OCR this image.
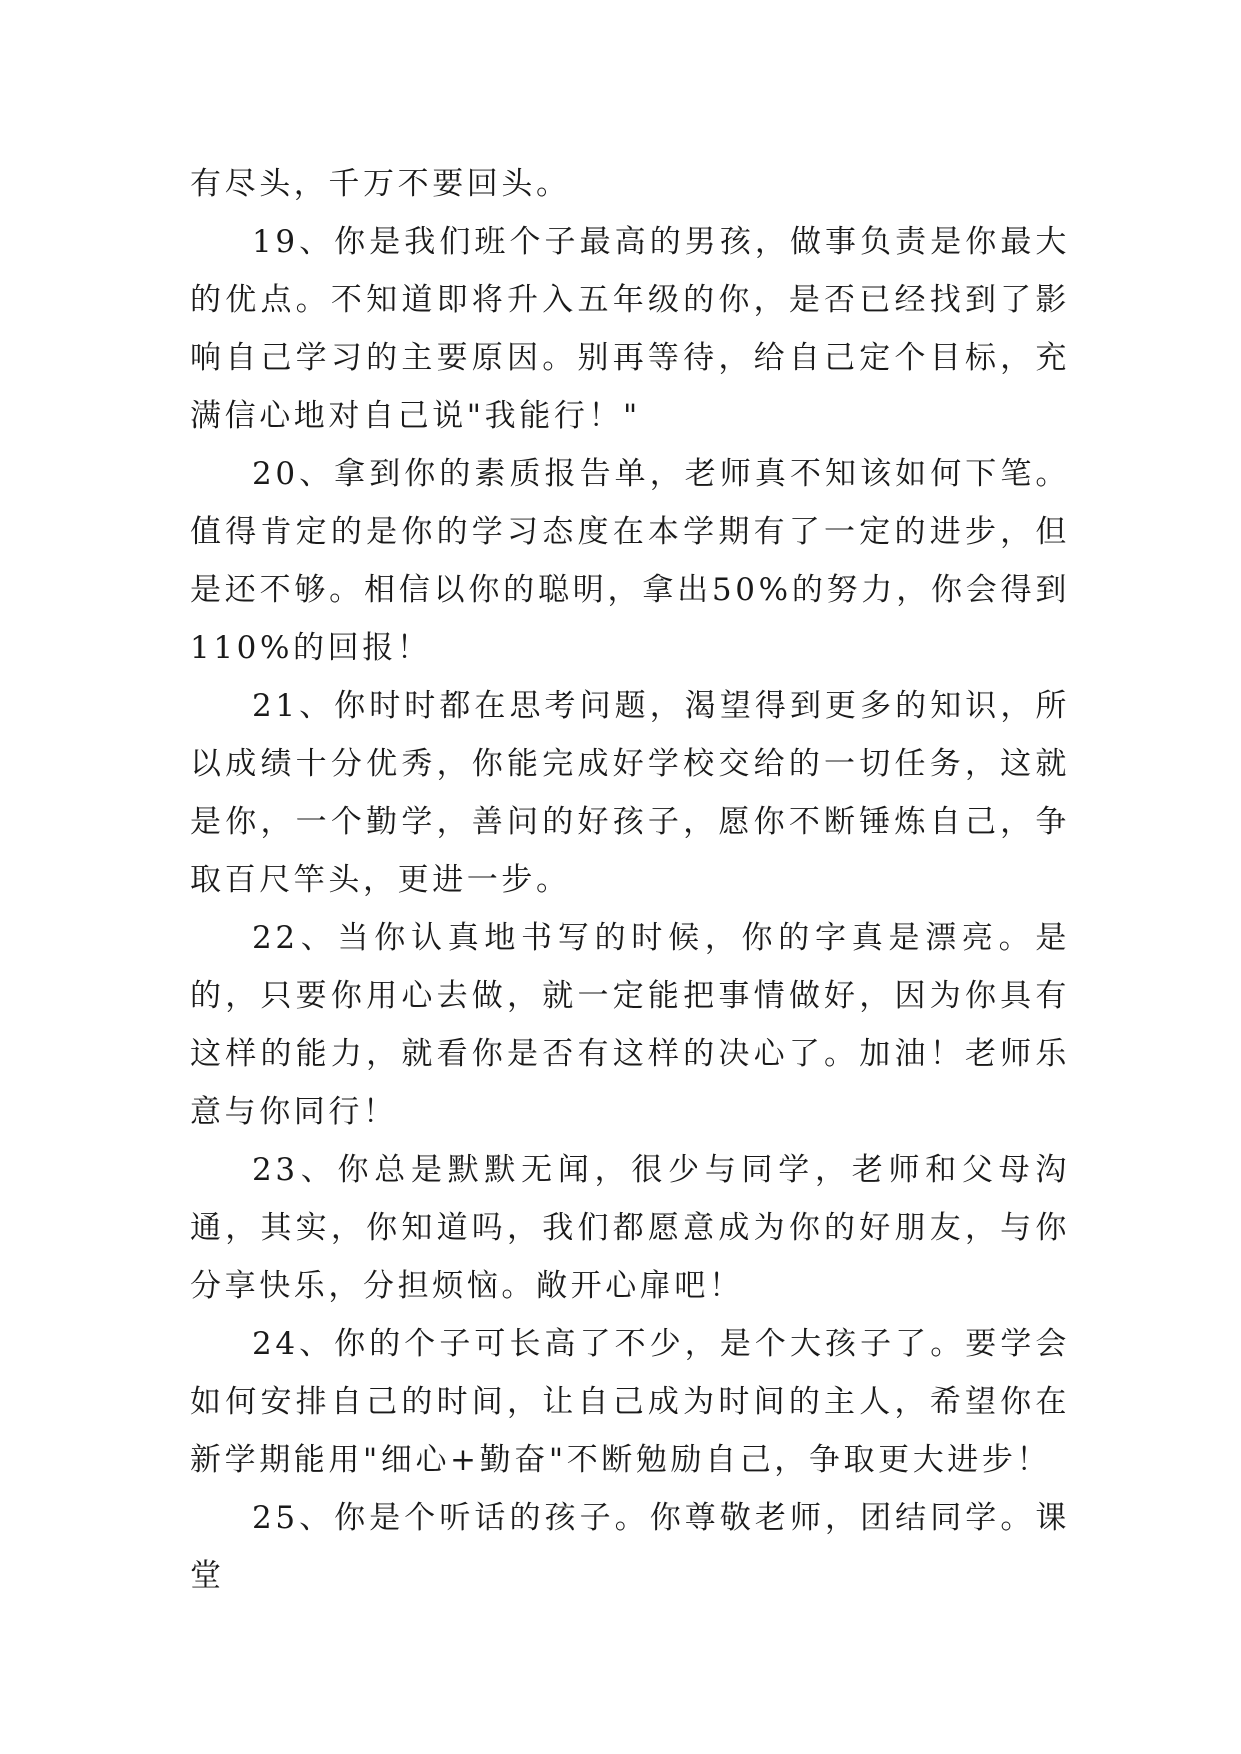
有尽头，千万不要回头。

19、你是我们班个子最高的男孩，做事负责是你最大的优点。不知道即将升入五年级的你，是否已经找到了影响自己学习的主要原因。别再等待，给自己定个目标，充满信心地对自己说"我能行！"

20、拿到你的素质报告单，老师真不知该如何下笔。值得肯定的是你的学习态度在本学期有了一定的进步，但是还不够。相信以你的聪明，拿出50%的努力，你会得到110%的回报！

21、你时时都在思考问题，渴望得到更多的知识，所以成绩十分优秀，你能完成好学校交给的一切任务，这就是你，一个勤学，善问的好孩子，愿你不断锤炼自己，争取百尺竿头，更进一步。

22、当你认真地书写的时候，你的字真是漂亮。是的，只要你用心去做，就一定能把事情做好，因为你具有这样的能力，就看你是否有这样的决心了。加油！老师乐意与你同行！

23、你总是默默无闻，很少与同学，老师和父母沟通，其实，你知道吗，我们都愿意成为你的好朋友，与你分享快乐，分担烦恼。敞开心扉吧！

24、你的个子可长高了不少，是个大孩子了。要学会如何安排自己的时间，让自己成为时间的主人，希望你在新学期能用"细心+勤奋"不断勉励自己，争取更大进步！

25、你是个听话的孩子。你尊敬老师，团结同学。课堂
